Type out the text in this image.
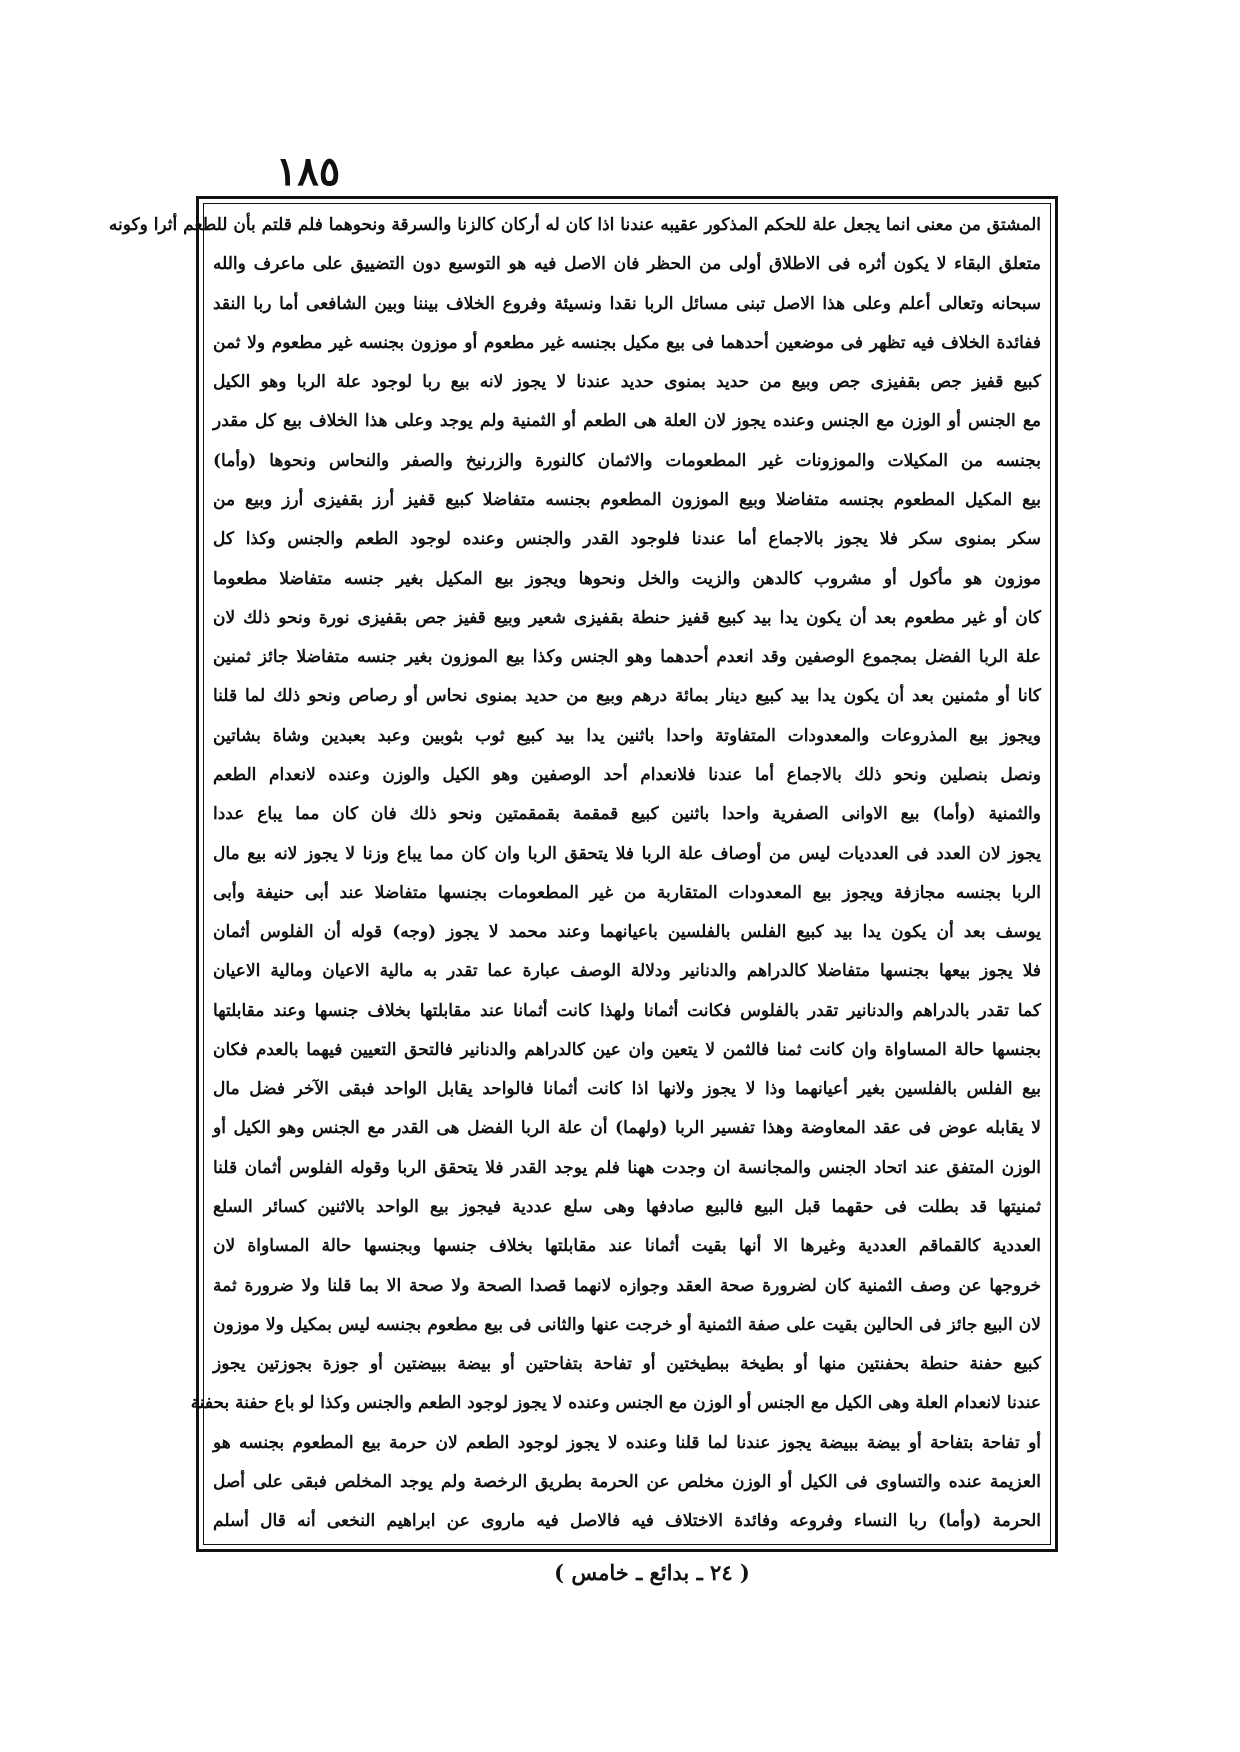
١٨٥
المشتق من معنى انما يجعل علة للحكم المذكور عقيبه عندنا اذا كان له أركان كالزنا والسرقة ونحوهما فلم قلتم بأن للطعم أثرا وكونه
متعلق البقاء لا يكون أثره فى الاطلاق أولى من الحظر فان الاصل فيه هو التوسيع دون التضييق على ماعرف والله
سبحانه وتعالى أعلم وعلى هذا الاصل تبنى مسائل الربا نقدا ونسيئة وفروع الخلاف بيننا وبين الشافعى أما ربا النقد
ففائدة الخلاف فيه تظهر فى موضعين أحدهما فى بيع مكيل بجنسه غير مطعوم أو موزون بجنسه غير مطعوم ولا ثمن
كبيع قفيز جص بقفيزى جص وبيع من حديد بمنوى حديد عندنا لا يجوز لانه بيع ربا لوجود علة الربا وهو الكيل
مع الجنس أو الوزن مع الجنس وعنده يجوز لان العلة هى الطعم أو الثمنية ولم يوجد وعلى هذا الخلاف بيع كل مقدر
بجنسه من المكيلات والموزونات غير المطعومات والاثمان كالنورة والزرنيخ والصفر والنحاس ونحوها (وأما)
بيع المكيل المطعوم بجنسه متفاضلا وبيع الموزون المطعوم بجنسه متفاضلا كبيع قفيز أرز بقفيزى أرز وبيع من
سكر بمنوى سكر فلا يجوز بالاجماع أما عندنا فلوجود القدر والجنس وعنده لوجود الطعم والجنس وكذا كل
موزون هو مأكول أو مشروب كالدهن والزيت والخل ونحوها ويجوز بيع المكيل بغير جنسه متفاضلا مطعوما
كان أو غير مطعوم بعد أن يكون يدا بيد كبيع قفيز حنطة بقفيزى شعير وبيع قفيز جص بقفيزى نورة ونحو ذلك لان
علة الربا الفضل بمجموع الوصفين وقد انعدم أحدهما وهو الجنس وكذا بيع الموزون بغير جنسه متفاضلا جائز ثمنين
كانا أو مثمنين بعد أن يكون يدا بيد كبيع دينار بمائة درهم وبيع من حديد بمنوى نحاس أو رصاص ونحو ذلك لما قلنا
ويجوز بيع المذروعات والمعدودات المتفاوتة واحدا باثنين يدا بيد كبيع ثوب بثوبين وعبد بعبدين وشاة بشاتين
ونصل بنصلين ونحو ذلك بالاجماع أما عندنا فلانعدام أحد الوصفين وهو الكيل والوزن وعنده لانعدام الطعم
والثمنية (وأما) بيع الاوانى الصفرية واحدا باثنين كبيع قمقمة بقمقمتين ونحو ذلك فان كان مما يباع عددا
يجوز لان العدد فى العدديات ليس من أوصاف علة الربا فلا يتحقق الربا وان كان مما يباع وزنا لا يجوز لانه بيع مال
الربا بجنسه مجازفة ويجوز بيع المعدودات المتقاربة من غير المطعومات بجنسها متفاضلا عند أبى حنيفة وأبى
يوسف بعد أن يكون يدا بيد كبيع الفلس بالفلسين باعيانهما وعند محمد لا يجوز (وجه) قوله أن الفلوس أثمان
فلا يجوز بيعها بجنسها متفاضلا كالدراهم والدنانير ودلالة الوصف عبارة عما تقدر به مالية الاعيان ومالية الاعيان
كما تقدر بالدراهم والدنانير تقدر بالفلوس فكانت أثمانا ولهذا كانت أثمانا عند مقابلتها بخلاف جنسها وعند مقابلتها
بجنسها حالة المساواة وان كانت ثمنا فالثمن لا يتعين وان عين كالدراهم والدنانير فالتحق التعيين فيهما بالعدم فكان
بيع الفلس بالفلسين بغير أعيانهما وذا لا يجوز ولانها اذا كانت أثمانا فالواحد يقابل الواحد فبقى الآخر فضل مال
لا يقابله عوض فى عقد المعاوضة وهذا تفسير الربا (ولهما) أن علة الربا الفضل هى القدر مع الجنس وهو الكيل أو
الوزن المتفق عند اتحاد الجنس والمجانسة ان وجدت ههنا فلم يوجد القدر فلا يتحقق الربا وقوله الفلوس أثمان قلنا
ثمنيتها قد بطلت فى حقهما قبل البيع فالبيع صادفها وهى سلع عددية فيجوز بيع الواحد بالاثنين كسائر السلع
العددية كالقماقم العددية وغيرها الا أنها بقيت أثمانا عند مقابلتها بخلاف جنسها وبجنسها حالة المساواة لان
خروجها عن وصف الثمنية كان لضرورة صحة العقد وجوازه لانهما قصدا الصحة ولا صحة الا بما قلنا ولا ضرورة ثمة
لان البيع جائز فى الحالين بقيت على صفة الثمنية أو خرجت عنها والثانى فى بيع مطعوم بجنسه ليس بمكيل ولا موزون
كبيع حفنة حنطة بحفنتين منها أو بطيخة ببطيختين أو تفاحة بتفاحتين أو بيضة ببيضتين أو جوزة بجوزتين يجوز
عندنا لانعدام العلة وهى الكيل مع الجنس أو الوزن مع الجنس وعنده لا يجوز لوجود الطعم والجنس وكذا لو باع حفنة بحفنة
أو تفاحة بتفاحة أو بيضة ببيضة يجوز عندنا لما قلنا وعنده لا يجوز لوجود الطعم لان حرمة بيع المطعوم بجنسه هو
العزيمة عنده والتساوى فى الكيل أو الوزن مخلص عن الحرمة بطريق الرخصة ولم يوجد المخلص فبقى على أصل
الحرمة (وأما) ربا النساء وفروعه وفائدة الاختلاف فيه فالاصل فيه ماروى عن ابراهيم النخعى أنه قال أسلم
( ٢٤ ـ بدائع ـ خامس )
